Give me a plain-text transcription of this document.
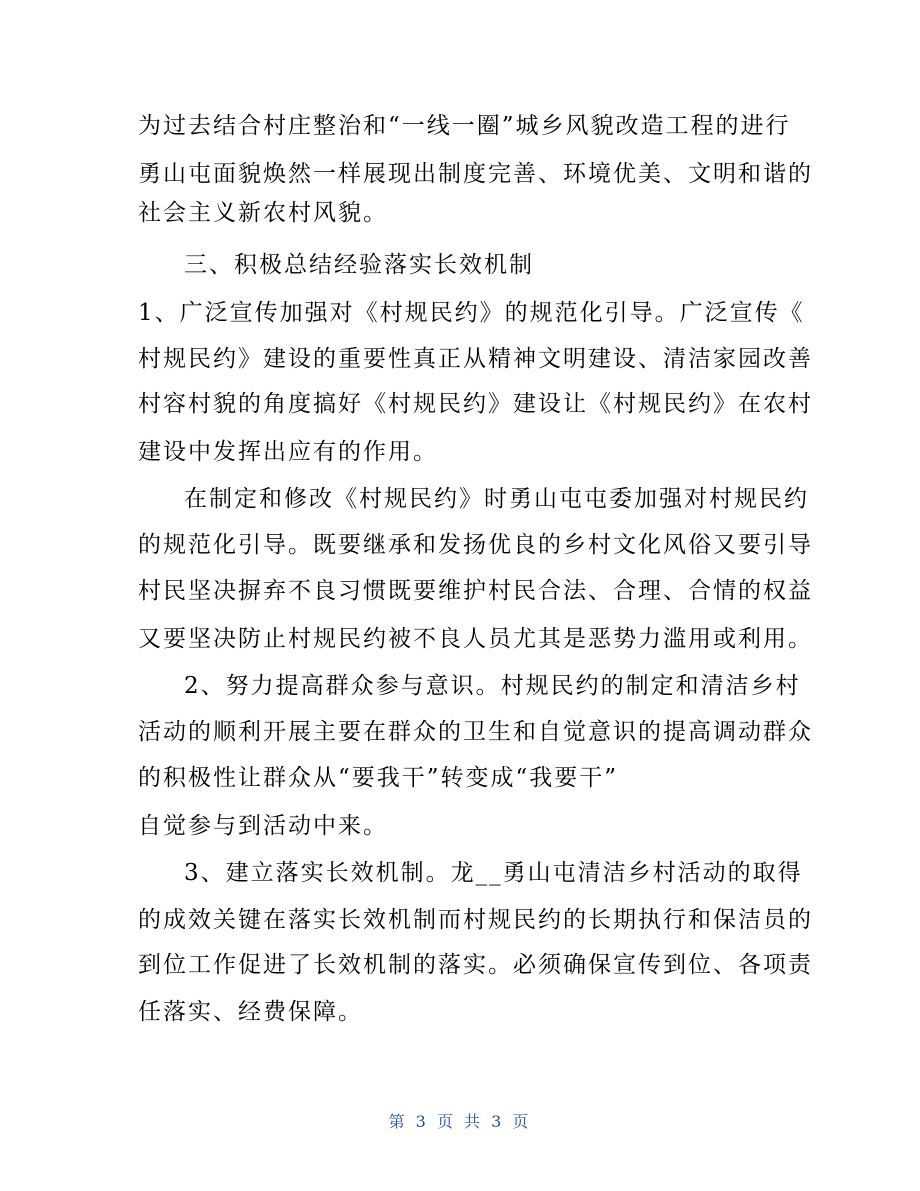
为过去结合村庄整治和“一线一圈”城乡风貌改造工程的进行
勇山屯面貌焕然一样展现出制度完善、环境优美、文明和谐的
社会主义新农村风貌。
三、积极总结经验落实长效机制
1、广泛宣传加强对《村规民约》的规范化引导。广泛宣传《
村规民约》建设的重要性真正从精神文明建设、清洁家园改善
村容村貌的角度搞好《村规民约》建设让《村规民约》在农村
建设中发挥出应有的作用。
在制定和修改《村规民约》时勇山屯屯委加强对村规民约
的规范化引导。既要继承和发扬优良的乡村文化风俗又要引导
村民坚决摒弃不良习惯既要维护村民合法、合理、合情的权益
又要坚决防止村规民约被不良人员尤其是恶势力滥用或利用。
2、努力提高群众参与意识。村规民约的制定和清洁乡村
活动的顺利开展主要在群众的卫生和自觉意识的提高调动群众
的积极性让群众从“要我干”转变成“我要干”
自觉参与到活动中来。
3、建立落实长效机制。龙__勇山屯清洁乡村活动的取得
的成效关键在落实长效机制而村规民约的长期执行和保洁员的
到位工作促进了长效机制的落实。必须确保宣传到位、各项责
任落实、经费保障。
第 3 页 共 3 页
